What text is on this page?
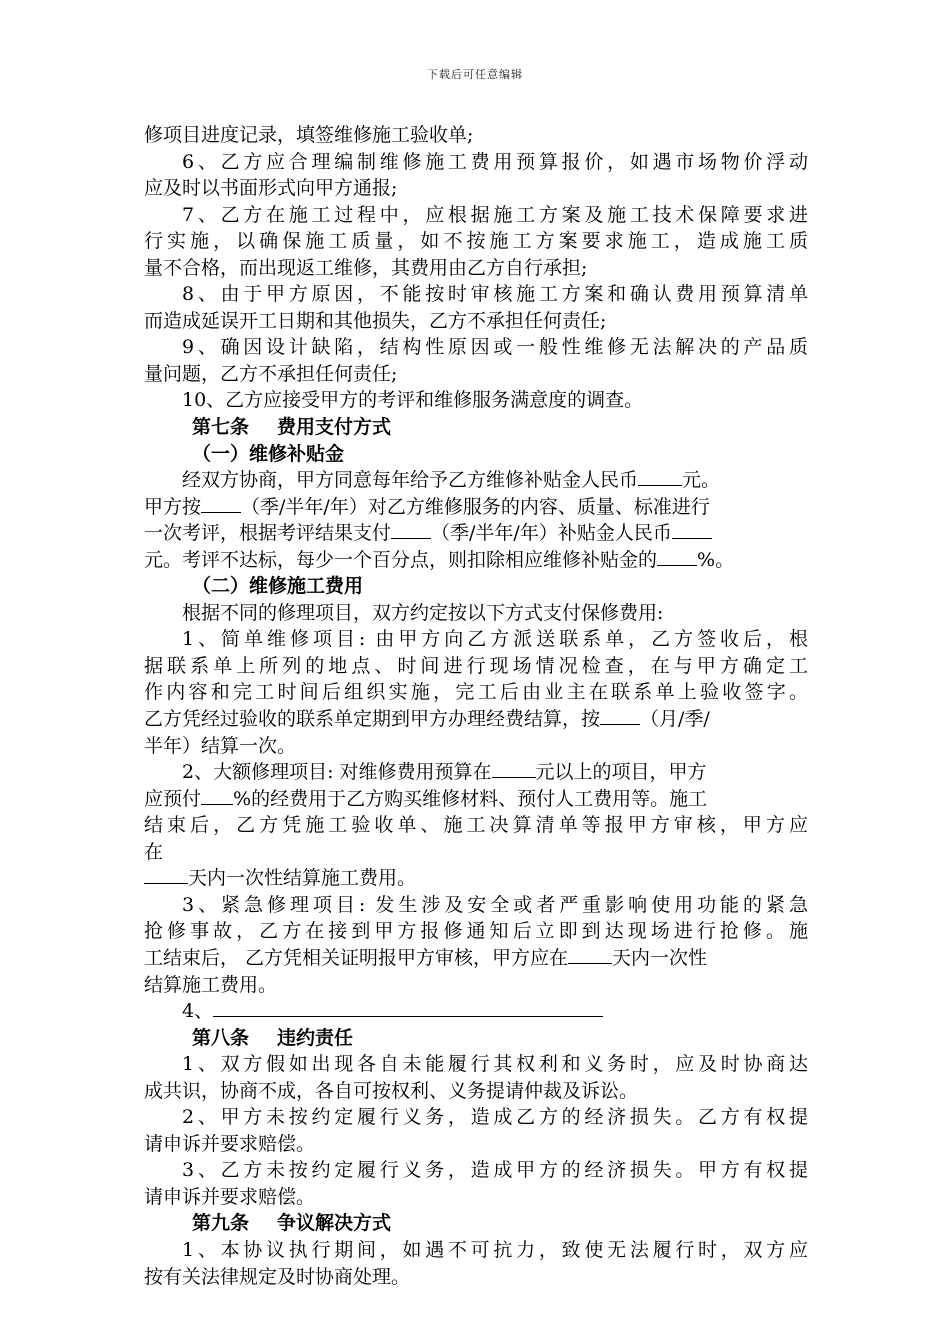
下载后可任意编辑
修项目进度记录，填签维修施工验收单;
6、乙方应合理编制维修施工费用预算报价，如遇市场物价浮动
应及时以书面形式向甲方通报;
7、乙方在施工过程中，应根据施工方案及施工技术保障要求进
行实施，以确保施工质量，如不按施工方案要求施工，造成施工质
量不合格，而出现返工维修，其费用由乙方自行承担;
8、由于甲方原因，不能按时审核施工方案和确认费用预算清单
而造成延误开工日期和其他损失，乙方不承担任何责任;
9、确因设计缺陷，结构性原因或一般性维修无法解决的产品质
量问题，乙方不承担任何责任;
10、乙方应接受甲方的考评和维修服务满意度的调查。
第七条 费用支付方式
（一）维修补贴金
经双方协商，甲方同意每年给予乙方维修补贴金人民币 元。
甲方按 （季/半年/年）对乙方维修服务的内容、质量、标准进行
一次考评，根据考评结果支付 （季/半年/年）补贴金人民币
元。考评不达标，每少一个百分点，则扣除相应维修补贴金的 %。
（二）维修施工费用
根据不同的修理项目，双方约定按以下方式支付保修费用:
1、简单维修项目: 由甲方向乙方派送联系单，乙方签收后，根
据联系单上所列的地点、时间进行现场情况检查，在与甲方确定工
作内容和完工时间后组织实施，完工后由业主在联系单上验收签字。
乙方凭经过验收的联系单定期到甲方办理经费结算，按 （月/季/
半年）结算一次。
2、大额修理项目: 对维修费用预算在 元以上的项目，甲方
应预付 %的经费用于乙方购买维修材料、预付人工费用等。施工
结束后，乙方凭施工验收单、施工决算清单等报甲方审核，甲方应
在
天内一次性结算施工费用。
3、紧急修理项目: 发生涉及安全或者严重影响使用功能的紧急
抢修事故，乙方在接到甲方报修通知后立即到达现场进行抢修。施
工结束后， 乙方凭相关证明报甲方审核，甲方应在 天内一次性
结算施工费用。
4、
第八条 违约责任
1、双方假如出现各自未能履行其权利和义务时，应及时协商达
成共识，协商不成，各自可按权利、义务提请仲裁及诉讼。
2、甲方未按约定履行义务，造成乙方的经济损失。乙方有权提
请申诉并要求赔偿。
3、乙方未按约定履行义务，造成甲方的经济损失。甲方有权提
请申诉并要求赔偿。
第九条 争议解决方式
1、本协议执行期间，如遇不可抗力，致使无法履行时，双方应
按有关法律规定及时协商处理。
